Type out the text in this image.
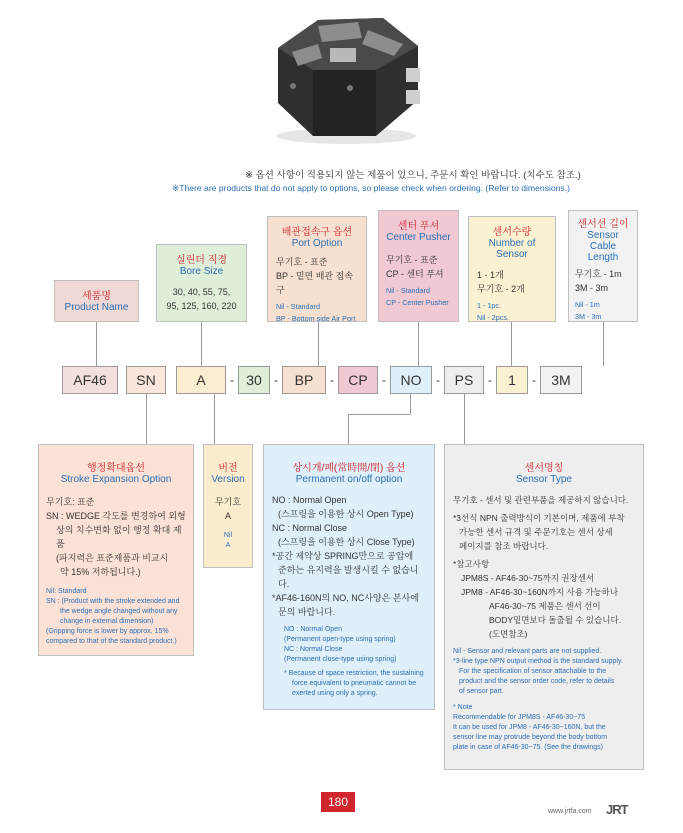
※ 옵션 사항이 적용되지 않는 제품이 있으니, 주문시 확인 바랍니다. (치수도 참조.)
※There are products that do not apply to options, so please check when ordering. (Refer to dimensions.)
세품명
Product Name
실린더 직경
Bore Size
30, 40, 55, 75,
95, 125, 160, 220
배관접속구 옵션
Port Option
무기호 - 표준
BP - 밑면 배관 접속구
Nil - Standard
BP - Bottom side Air Port
센터 푸셔
Center Pusher
무기호 - 표준
CP - 센터 푸셔
Nil - Standard
CP - Center Pusher
센서수량
Number of Sensor
1 - 1개
무기호 - 2개
1 - 1pc.
Nil - 2pcs.
센서선 길이
Sensor Cable
Length
무기호 - 1m
3M - 3m
Nil - 1m
3M - 3m
AF46	SN	A	- 30	-	BP	-	CP	-	NO	-	PS	-	1	-	3M
행정확대옵션
Stroke Expansion Option
무기호: 표준
SN : WEDGE 각도를 변경하여 외형
상의 치수변화 없이 행정 확대 제품
(파지력은 표준제품과 비교시
약 15% 저하됩니다.)
Nil: Standard
SN : (Product with the stroke extended and
the wedge angle changed without any
change in external dimension)
(Gripping force is lower by approx. 15%
compared to that of the standard product.)
버전
Version
무기호
A
Nil
A
상시개/폐(常時開/閉) 옵션
Permanent on/off option
NO : Normal Open
(스프링을 이용한 상시 Open Type)
NC : Normal Close
(스프링을 이용한 상시 Close Type)
*공간 제약상 SPRING만으로 공압에
준하는 유지력을 발생시킬 수 없습니다.
*AF46-160N의 NO, NC사양은 본사에
문의 바랍니다.
NO : Normal Open
(Permanent open-type using spring)
NC : Normal Close
(Permanent close-type using spring)
* Because of space restriction, the sustaining
force equivalent to pneumatic cannot be
exerted using only a spring.
센서명칭
Sensor Type
무기호 - 센서 및 관련부품을 제공하지 않습니다.
*3선식 NPN 출력방식이 기본이며, 제품에 부착
가능한 센서 규격 및 주문기호는 센서 상세
페이지를 참조 바랍니다.
*참고사항
JPM8S - AF46-30~75까지 권장센서
JPM8 - AF46-30~160N까지 사용 가능하나
AF46-30~75 제품은 센서 선이
BODY밑면보다 돌출될 수 있습니다.
(도면참조)
Nil - Sensor and relevant parts are not supplied.
*3-line type NPN output method is the standard supply.
For the specification of sensor attachable to the
product and the sensor order code, refer to details
of sensor part.
* Note
Recommendable for JPM8S - AF46-30~75
It can be used for JPM8 - AF46-30~160N, but the
sensor line may protrude beyond the body bottom
plate in case of AF46-30~75. (See the drawings)
180
www.jrtfa.com JRT
